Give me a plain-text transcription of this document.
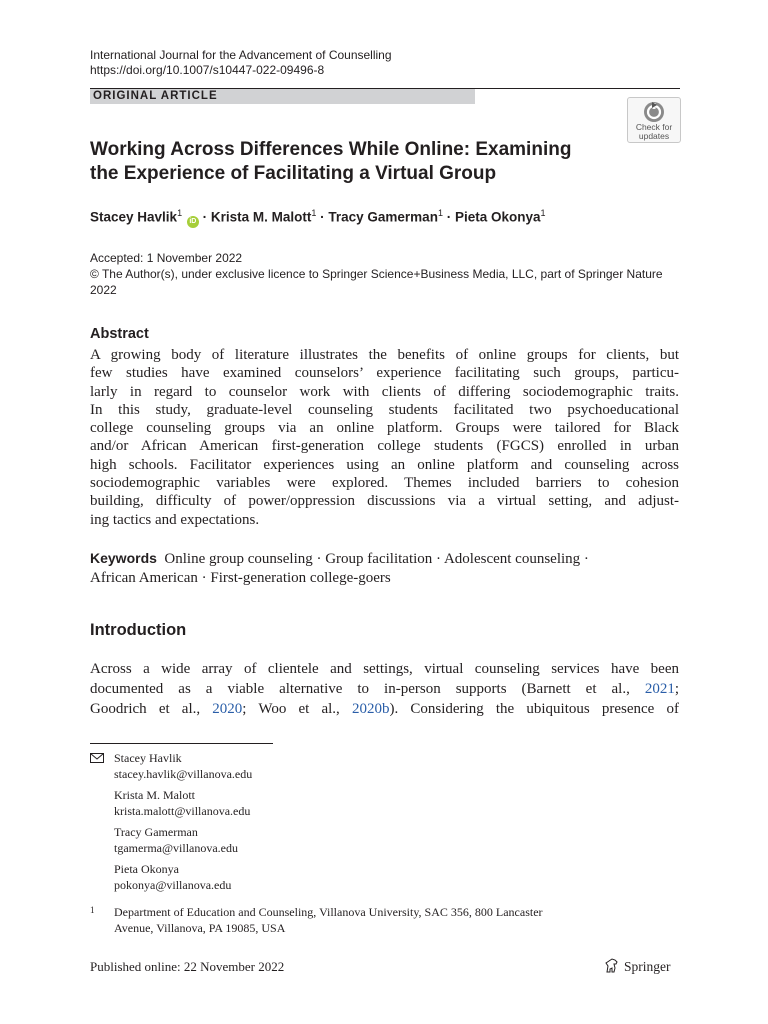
International Journal for the Advancement of Counselling
https://doi.org/10.1007/s10447-022-09496-8
ORIGINAL ARTICLE
Check for
updates
Working Across Differences While Online: Examining
the Experience of Facilitating a Virtual Group
Stacey Havlik$^1$ iD · Krista M. Malott$^1$ · Tracy Gamerman$^1$ · Pieta Okonya$^1$
Accepted: 1 November 2022
© The Author(s), under exclusive licence to Springer Science+Business Media, LLC, part of Springer Nature
2022
Abstract
A growing body of literature illustrates the benefits of online groups for clients, but
few studies have examined counselors’ experience facilitating such groups, particu-
larly in regard to counselor work with clients of differing sociodemographic traits.
In this study, graduate-level counseling students facilitated two psychoeducational
college counseling groups via an online platform. Groups were tailored for Black
and/or African American first-generation college students (FGCS) enrolled in urban
high schools. Facilitator experiences using an online platform and counseling across
sociodemographic variables were explored. Themes included barriers to cohesion
building, difficulty of power/oppression discussions via a virtual setting, and adjust-
ing tactics and expectations.
Keywords Online group counseling · Group facilitation · Adolescent counseling ·
African American · First-generation college-goers
Introduction
Across a wide array of clientele and settings, virtual counseling services have been
documented as a viable alternative to in-person supports (Barnett et al., 2021;
Goodrich et al., 2020; Woo et al., 2020b). Considering the ubiquitous presence of
Stacey Havlik
stacey.havlik@villanova.edu
Krista M. Malott
krista.malott@villanova.edu
Tracy Gamerman
tgamerma@villanova.edu
Pieta Okonya
pokonya@villanova.edu
1 Department of Education and Counseling, Villanova University, SAC 356, 800 Lancaster
Avenue, Villanova, PA 19085, USA
Published online: 22 November 2022	Springer
